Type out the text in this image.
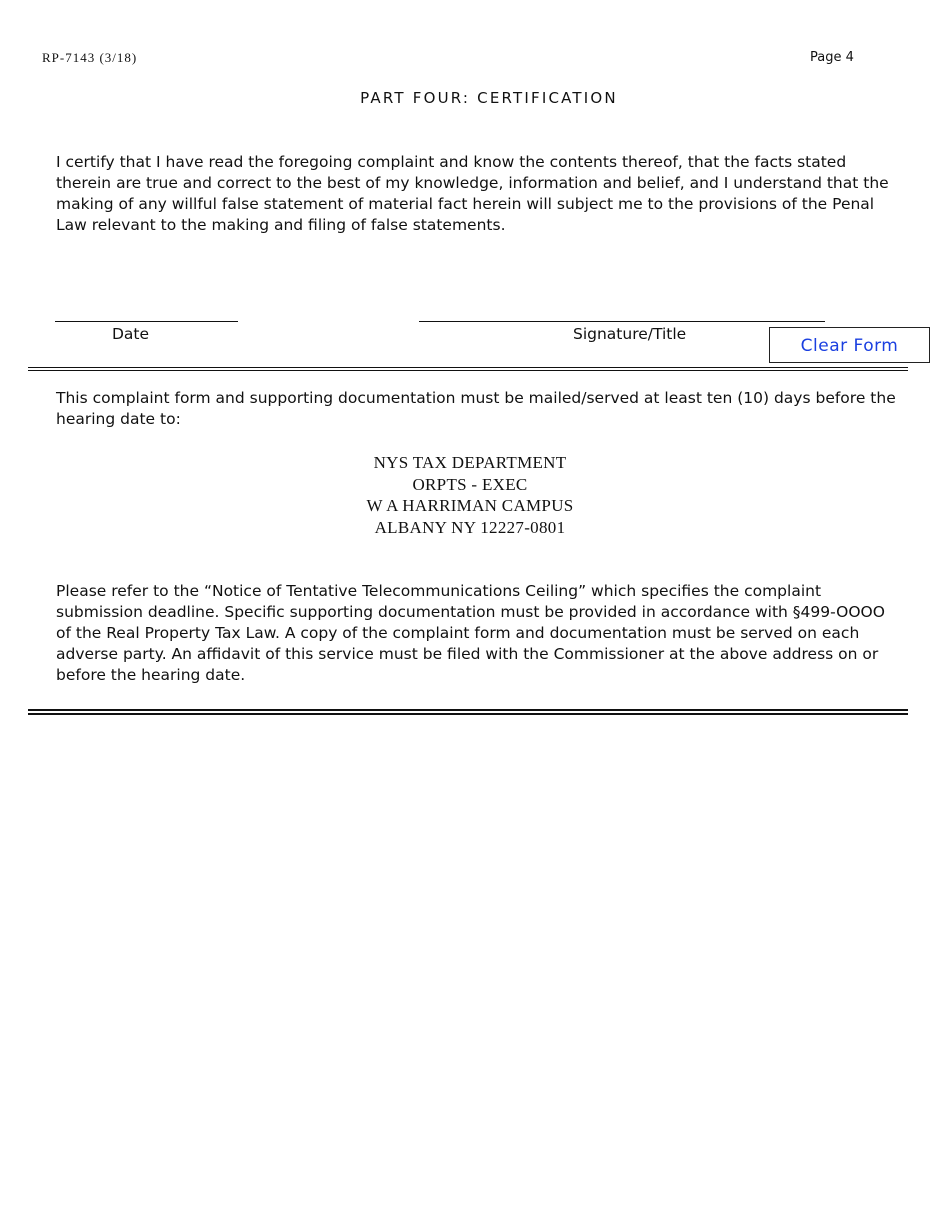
RP-7143 (3/18)	Page 4
PART FOUR: CERTIFICATION

I certify that I have read the foregoing complaint and know the contents thereof, that the facts stated therein are true and correct to the best of my knowledge, information and belief, and I understand that the making of any willful false statement of material fact herein will subject me to the provisions of the Penal Law relevant to the making and filing of false statements.

Date	Signature/Title
Clear Form

This complaint form and supporting documentation must be mailed/served at least ten (10) days before the hearing date to:

NYS TAX DEPARTMENT
ORPTS - EXEC
W A HARRIMAN CAMPUS
ALBANY NY 12227-0801

Please refer to the “Notice of Tentative Telecommunications Ceiling” which specifies the complaint submission deadline. Specific supporting documentation must be provided in accordance with §499-OOOO of the Real Property Tax Law. A copy of the complaint form and documentation must be served on each adverse party. An affidavit of this service must be filed with the Commissioner at the above address on or before the hearing date.
